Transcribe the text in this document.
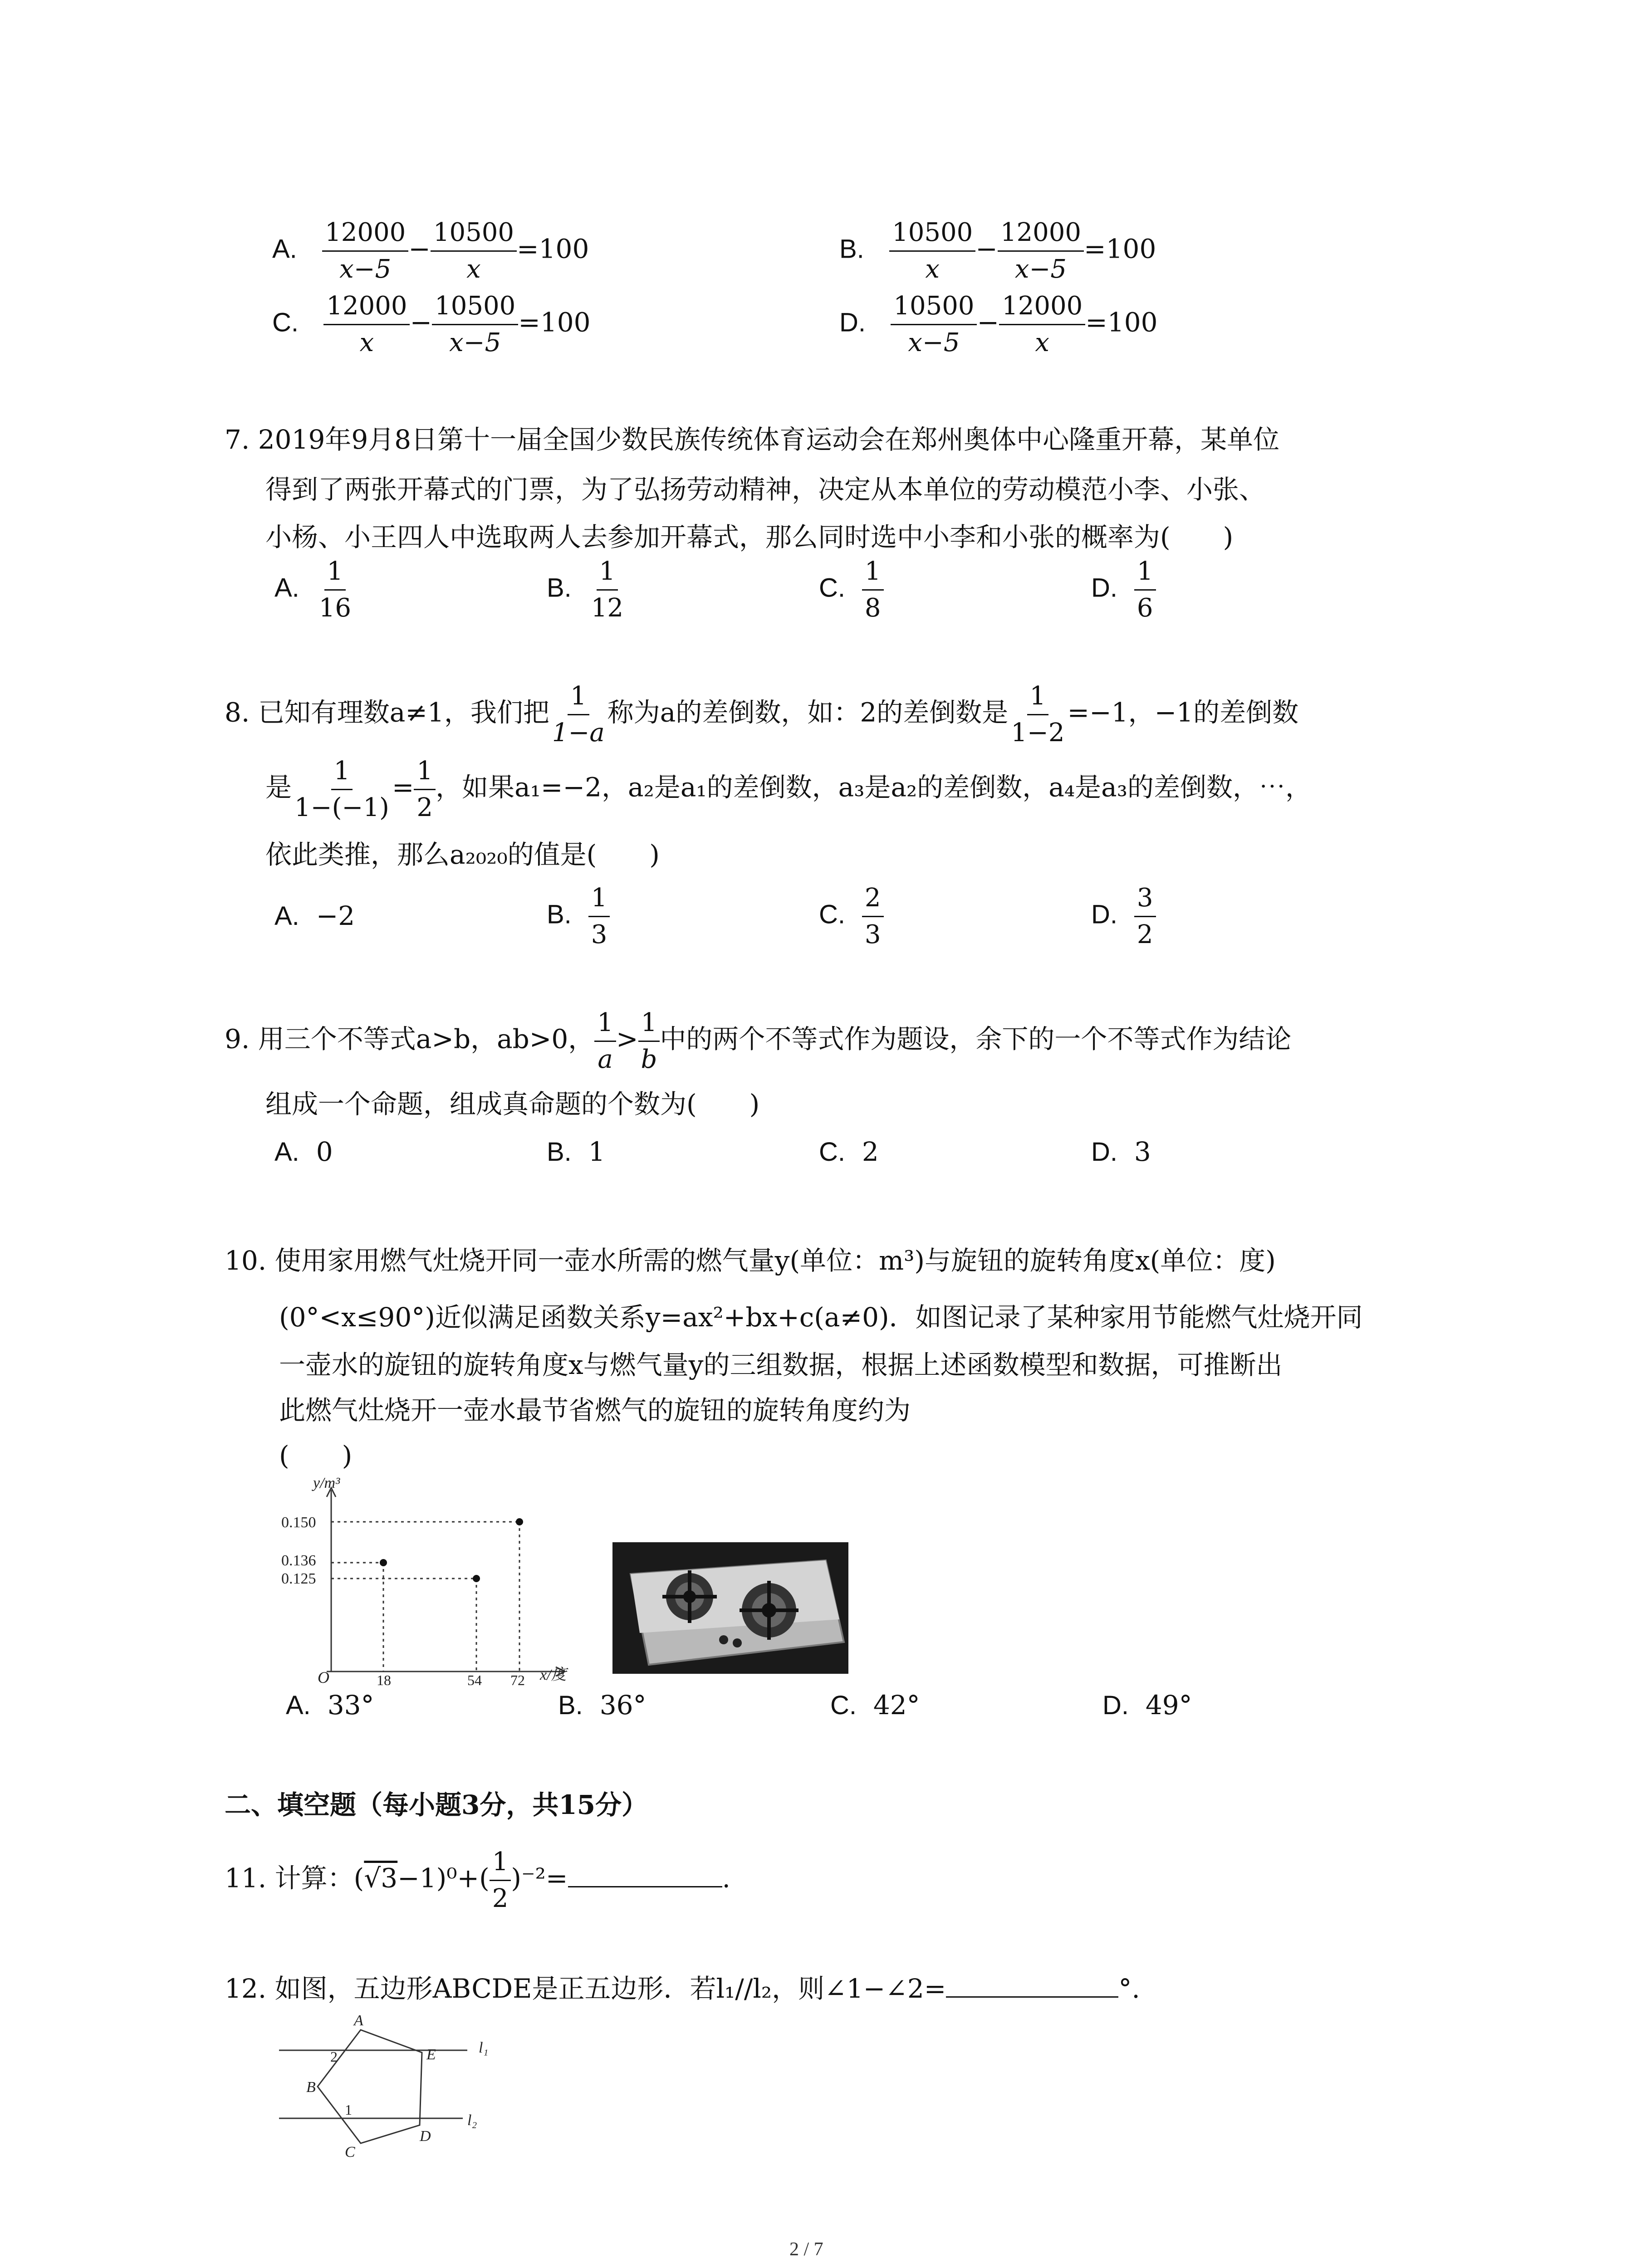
A. $\frac{12000}{x-5} - \frac{10500}{x} =100$	B. $\frac{10500}{x} - \frac{12000}{x-5} =100$
C. $\frac{12000}{x} - \frac{10500}{x-5} =100$	D. $\frac{10500}{x-5} - \frac{12000}{x} =100$
7. 2019年9月8日第十一届全国少数民族传统体育运动会在郑州奥体中心隆重开幕，某单位
得到了两张开幕式的门票，为了弘扬劳动精神，决定从本单位的劳动模范小李、小张、
小杨、小王四人中选取两人去参加开幕式，那么同时选中小李和小张的概率为(　　)
A. $\frac{1}{16}$	B. $\frac{1}{12}$	C. $\frac{1}{8}$	D. $\frac{1}{6}$
8. 已知有理数a≠1，我们把 $\frac{1}{1-a}$ 称为a的差倒数，如：2的差倒数是 $\frac{1}{1-2} =-1$，−1的差倒数
是 $\frac{1}{1-(-1)} = \frac{1}{2}$ ，如果a₁=−2，a₂是a₁的差倒数，a₃是a₂的差倒数，a₄是a₃的差倒数，⋯，
依此类推，那么a₂₀₂₀的值是(　　)
A. −2	B. $\frac{1}{3}$	C. $\frac{2}{3}$	D. $\frac{3}{2}$
9. 用三个不等式a>b，ab>0， $\frac{1}{a} > \frac{1}{b}$ 中的两个不等式作为题设，余下的一个不等式作为结论
组成一个命题，组成真命题的个数为(　　)
A. 0	B. 1	C. 2	D. 3
10. 使用家用燃气灶烧开同一壶水所需的燃气量y(单位：m³)与旋钮的旋转角度x(单位：度)
(0°<x≤90°)近似满足函数关系y=ax²+bx+c(a≠0)．如图记录了某种家用节能燃气灶烧开同
一壶水的旋钮的旋转角度x与燃气量y的三组数据，根据上述函数模型和数据，可推断出
此燃气灶烧开一壶水最节省燃气的旋钮的旋转角度约为
(　　)
y/m³
0.150
0.136
0.125
O	18	54 72 x/度
A. 33°	B. 36°	C. 42°	D. 49°
二、填空题（每小题3分，共15分）
11. 计算：$(√3-1)^0+( \frac{1}{2} )^{-2}=$	.
12. 如图，五边形ABCDE是正五边形．若l₁//l₂，则∠1−∠2=	°.
A
B
C
D
E	l₁
l₂
2
1
2 / 7
